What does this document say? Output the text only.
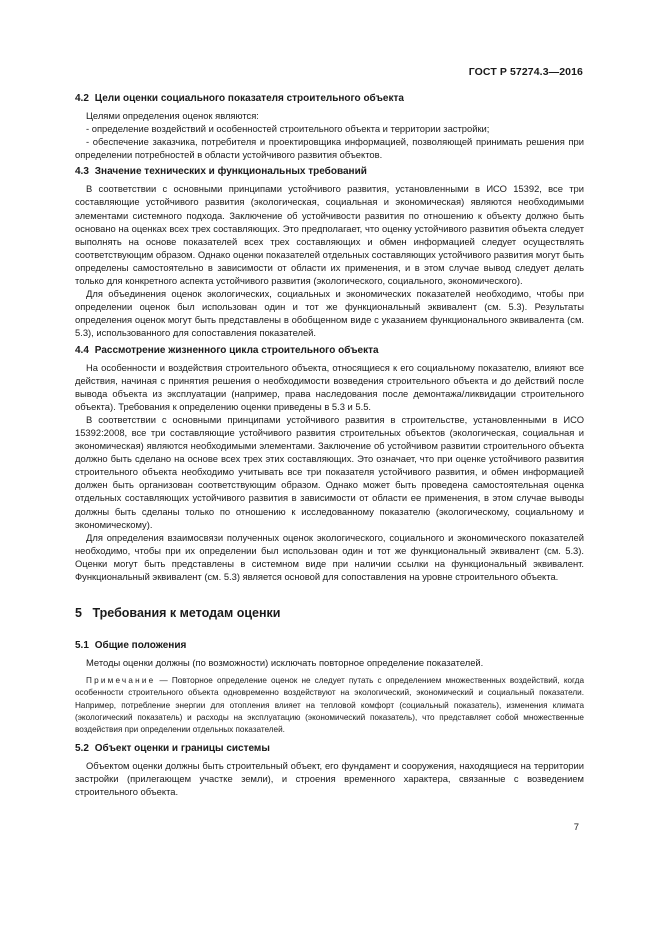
ГОСТ Р 57274.3—2016
4.2 Цели оценки социального показателя строительного объекта
Целями определения оценок являются:
- определение воздействий и особенностей строительного объекта и территории застройки;
- обеспечение заказчика, потребителя и проектировщика информацией, позволяющей принимать решения при определении потребностей в области устойчивого развития объектов.
4.3 Значение технических и функциональных требований
В соответствии с основными принципами устойчивого развития, установленными в ИСО 15392, все три составляющие устойчивого развития (экологическая, социальная и экономическая) являются необходимыми элементами системного подхода. Заключение об устойчивости развития по отношению к объекту должно быть основано на оценках всех трех составляющих. Это предполагает, что оценку устойчивого развития объекта следует выполнять на основе показателей всех трех составляющих и обмен информацией следует осуществлять соответствующим образом. Однако оценки показателей отдельных составляющих устойчивого развития могут быть определены самостоятельно в зависимости от области их применения, и в этом случае вывод следует делать только для конкретного аспекта устойчивого развития (экологического, социального, экономического).
Для объединения оценок экологических, социальных и экономических показателей необходимо, чтобы при определении оценок был использован один и тот же функциональный эквивалент (см. 5.3). Результаты определения оценок могут быть представлены в обобщенном виде с указанием функционального эквивалента (см. 5.3), использованного для сопоставления показателей.
4.4 Рассмотрение жизненного цикла строительного объекта
На особенности и воздействия строительного объекта, относящиеся к его социальному показателю, влияют все действия, начиная с принятия решения о необходимости возведения строительного объекта и до действий после вывода объекта из эксплуатации (например, права наследования после демонтажа/ликвидации строительного объекта). Требования к определению оценки приведены в 5.3 и 5.5.
В соответствии с основными принципами устойчивого развития в строительстве, установленными в ИСО 15392:2008, все три составляющие устойчивого развития строительных объектов (экологическая, социальная и экономическая) являются необходимыми элементами. Заключение об устойчивом развитии строительного объекта должно быть сделано на основе всех трех этих составляющих. Это означает, что при оценке устойчивого развития строительного объекта необходимо учитывать все три показателя устойчивого развития, и обмен информацией должен быть организован соответствующим образом. Однако может быть проведена самостоятельная оценка отдельных составляющих устойчивого развития в зависимости от области ее применения, в этом случае выводы должны быть сделаны только по отношению к исследованному показателю (экологическому, социальному и экономическому).
Для определения взаимосвязи полученных оценок экологического, социального и экономического показателей необходимо, чтобы при их определении был использован один и тот же функциональный эквивалент (см. 5.3). Оценки могут быть представлены в системном виде при наличии ссылки на функциональный эквивалент. Функциональный эквивалент (см. 5.3) является основой для сопоставления на уровне строительного объекта.
5 Требования к методам оценки
5.1 Общие положения
Методы оценки должны (по возможности) исключать повторное определение показателей.
Примечание — Повторное определение оценок не следует путать с определением множественных воздействий, когда особенности строительного объекта одновременно воздействуют на экологический, экономический и социальный показатели. Например, потребление энергии для отопления влияет на тепловой комфорт (социальный показатель), изменения климата (экологический показатель) и расходы на эксплуатацию (экономический показатель), что представляет собой множественные воздействия при определении отдельных показателей.
5.2 Объект оценки и границы системы
Объектом оценки должны быть строительный объект, его фундамент и сооружения, находящиеся на территории застройки (прилегающем участке земли), и строения временного характера, связанные с возведением строительного объекта.
7
